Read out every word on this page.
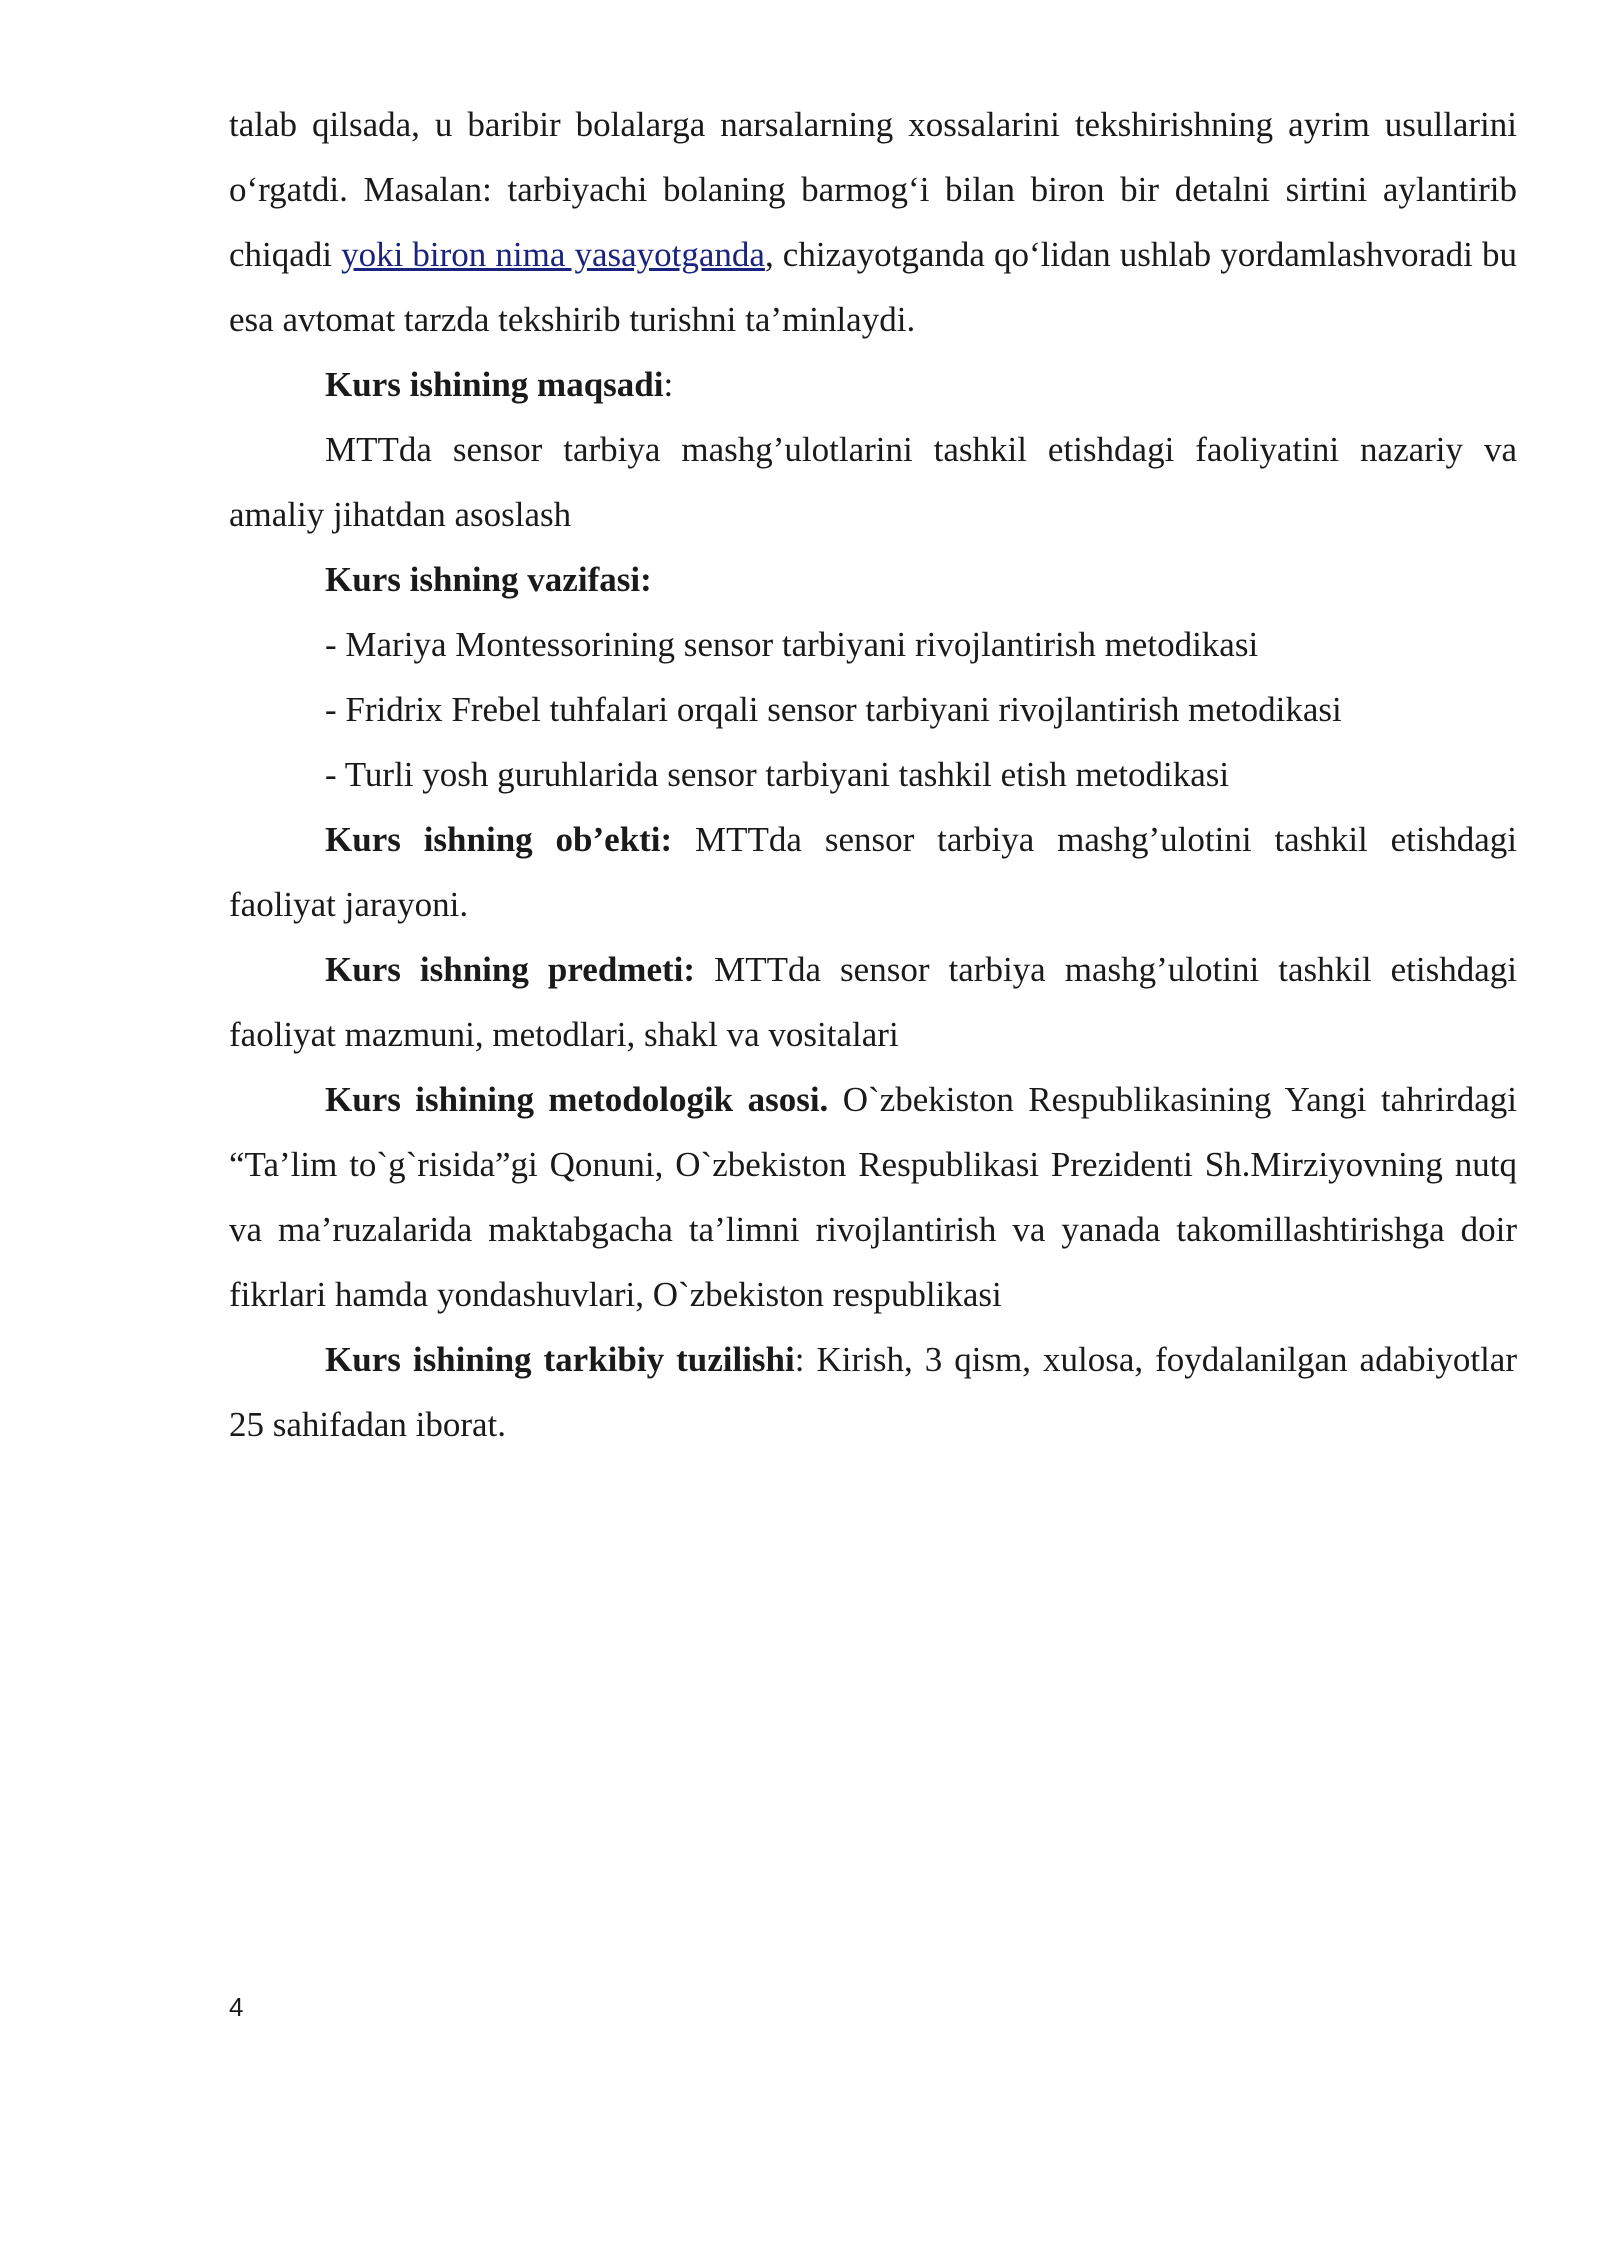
talab qilsada, u baribir bolalarga narsalarning xossalarini tekshirishning ayrim usullarini o‘rgatdi. Masalan: tarbiyachi bolaning barmog‘i bilan biron bir detalni sirtini aylantirib chiqadi yoki biron nima yasayotganda, chizayotganda qo‘lidan ushlab yordamlashvoradi bu esa avtomat tarzda tekshirib turishni ta’minlaydi.

Kurs ishining maqsadi:

MTTda sensor tarbiya mashg’ulotlarini tashkil etishdagi faoliyatini nazariy va amaliy jihatdan asoslash

Kurs ishning vazifasi:

- Mariya Montessorining sensor tarbiyani rivojlantirish metodikasi

- Fridrix Frebel tuhfalari orqali sensor tarbiyani rivojlantirish metodikasi

- Turli yosh guruhlarida sensor tarbiyani tashkil etish metodikasi

Kurs ishning ob’ekti: MTTda sensor tarbiya mashg’ulotini tashkil etishdagi faoliyat jarayoni.

Kurs ishning predmeti: MTTda sensor tarbiya mashg’ulotini tashkil etishdagi faoliyat mazmuni, metodlari, shakl va vositalari

Kurs ishining metodologik asosi. O`zbekiston Respublikasining Yangi tahrirdagi “Ta’lim to`g`risida”gi Qonuni, O`zbekiston Respublikasi Prezidenti Sh.Mirziyovning nutq va ma’ruzalarida maktabgacha ta’limni rivojlantirish va yanada takomillashtirishga doir fikrlari hamda yondashuvlari, O`zbekiston respublikasi

Kurs ishining tarkibiy tuzilishi: Kirish, 3 qism, xulosa, foydalanilgan adabiyotlar 25 sahifadan iborat.

4
